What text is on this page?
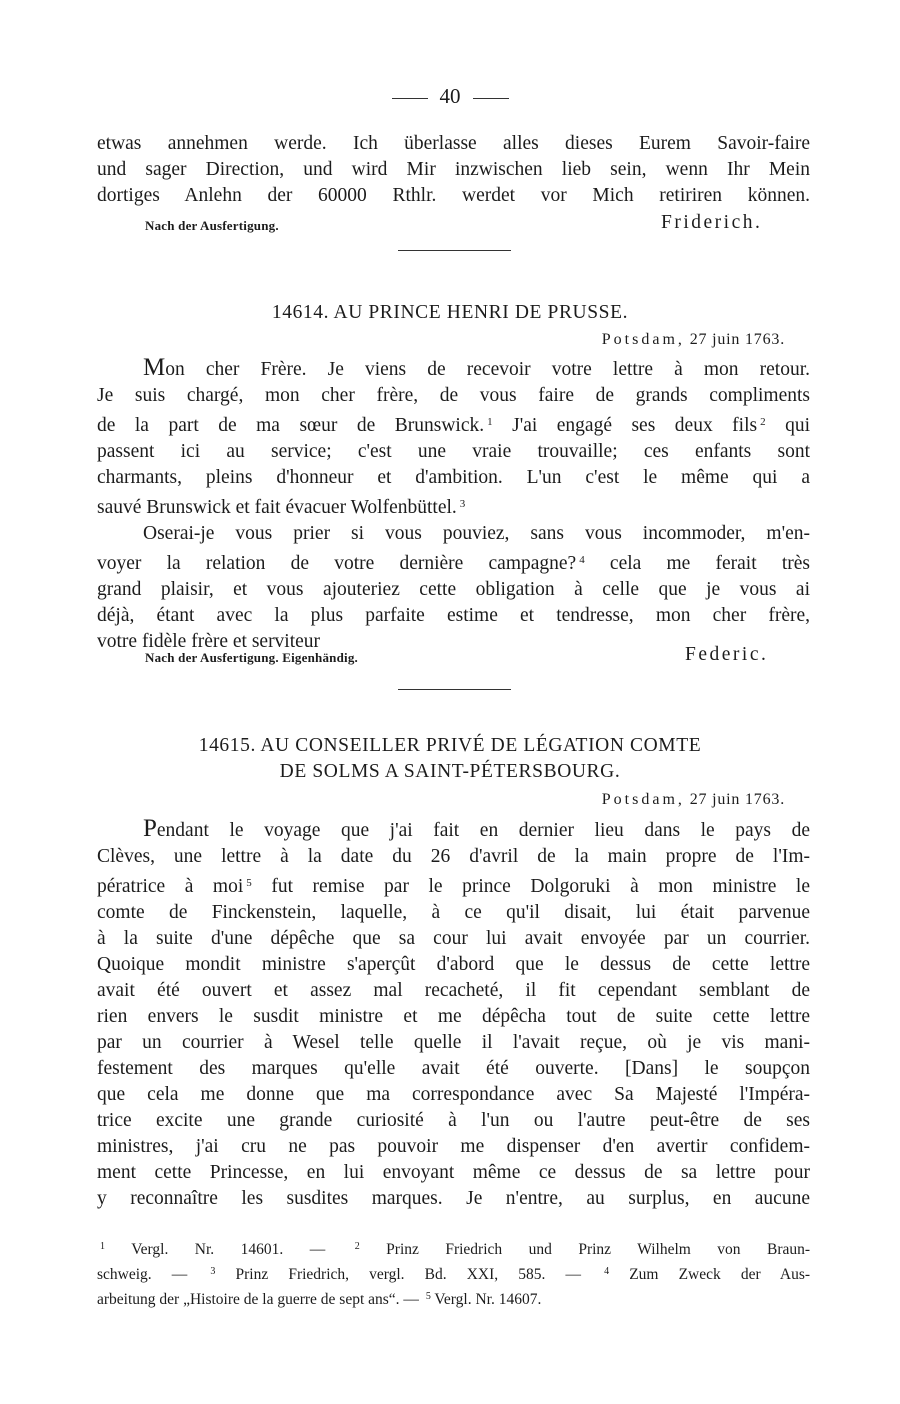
40

etwas annehmen werde. Ich überlasse alles dieses Eurem Savoir-faire

und sager Direction, und wird Mir inzwischen lieb sein, wenn Ihr Mein

dortiges Anlehn der 60000 Rthlr. werdet vor Mich retiriren können.

Nach der Ausfertigung.	Friderich.
14614. AU PRINCE HENRI DE PRUSSE.
Potsdam, 27 juin 1763.

Mon cher Frère. Je viens de recevoir votre lettre à mon retour.

Je suis chargé, mon cher frère, de vous faire de grands compliments

de la part de ma sœur de Brunswick. $^1$ J'ai engagé ses deux fils $^2$ qui

passent ici au service; c'est une vraie trouvaille; ces enfants sont

charmants, pleins d'honneur et d'ambition. L'un c'est le même qui a

sauvé Brunswick et fait évacuer Wolfenbüttel. $^3$

Oserai-je vous prier si vous pouviez, sans vous incommoder, m'en-

voyer la relation de votre dernière campagne? $^4$ cela me ferait très

grand plaisir, et vous ajouteriez cette obligation à celle que je vous ai

déjà, étant avec la plus parfaite estime et tendresse, mon cher frère,

votre fidèle frère et serviteur

Nach der Ausfertigung. Eigenhändig.	Federic.
14615. AU CONSEILLER PRIVÉ DE LÉGATION COMTE
DE SOLMS A SAINT-PÉTERSBOURG.
Potsdam, 27 juin 1763.

Pendant le voyage que j'ai fait en dernier lieu dans le pays de

Clèves, une lettre à la date du 26 d'avril de la main propre de l'Im-

pératrice à moi $^5$ fut remise par le prince Dolgoruki à mon ministre le

comte de Finckenstein, laquelle, à ce qu'il disait, lui était parvenue

à la suite d'une dépêche que sa cour lui avait envoyée par un courrier.

Quoique mondit ministre s'aperçût d'abord que le dessus de cette lettre

avait été ouvert et assez mal recacheté, il fit cependant semblant de

rien envers le susdit ministre et me dépêcha tout de suite cette lettre

par un courrier à Wesel telle quelle il l'avait reçue, où je vis mani-

festement des marques qu'elle avait été ouverte. [Dans] le soupçon

que cela me donne que ma correspondance avec Sa Majesté l'Impéra-

trice excite une grande curiosité à l'un ou l'autre peut-être de ses

ministres, j'ai cru ne pas pouvoir me dispenser d'en avertir confidem-

ment cette Princesse, en lui envoyant même ce dessus de sa lettre pour

y reconnaître les susdites marques. Je n'entre, au surplus, en aucune

$^1$ Vergl. Nr. 14601. —	$^2$ Prinz Friedrich und Prinz Wilhelm von Braun-

schweig. — $^3$ Prinz Friedrich, vergl. Bd. XXI, 585. — $^4$ Zum Zweck der Aus-

arbeitung der „Histoire de la guerre de sept ans“. — $^5$ Vergl. Nr. 14607.
